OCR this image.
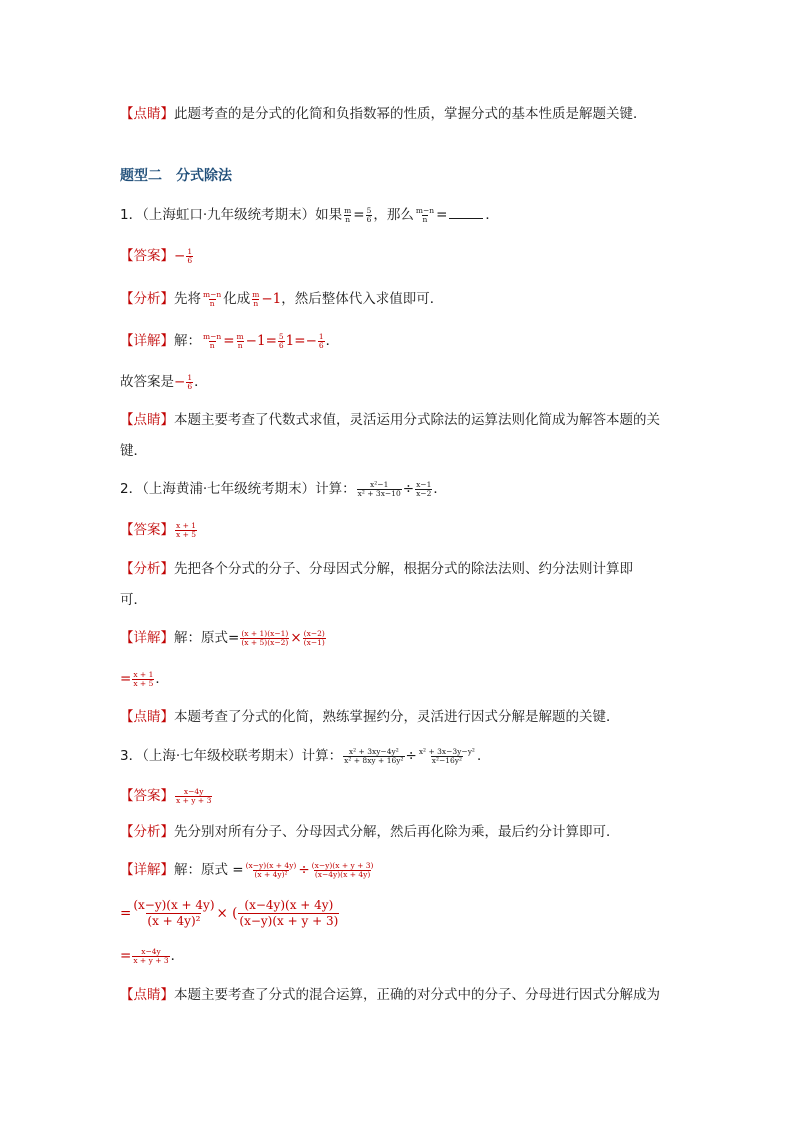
【点睛】此题考查的是分式的化简和负指数幂的性质，掌握分式的基本性质是解题关键．
题型二　分式除法
1．（上海虹口·九年级统考期末）如果 $\frac{m}{n} = \frac{5}{6}$ ，那么 $\frac{m-n}{n}$ =	．
【答案】− $\frac{1}{6}$
【分析】先将 $\frac{m-n}{n}$ 化成 $\frac{m}{n} -1$，然后整体代入求值即可．
【详解】解： $\frac{m-n}{n} = \frac{m}{n} -1= \frac{5}{6} 1=- \frac{1}{6}$ ．
故答案是− $\frac{1}{6}$ ．
【点睛】本题主要考查了代数式求值，灵活运用分式除法的运算法则化简成为解答本题的关
键．
2．（上海黄浦·七年级统考期末）计算： $\frac{\text{x²−1}}{\text{x² + 3x−10}} \div \frac{x-1}{x-2}$ ．
【答案】 $\frac{x + 1}{x + 5}$
【分析】先把各个分式的分子、分母因式分解，根据分式的除法法则、约分法则计算即
可．
【详解】解：原式= $\frac{(x + 1)(x-1)}{(x + 5)(x-2)} \times \frac{(x-2)}{(x-1)}$
= $\frac{x + 1}{x + 5}$ ．
【点睛】本题考查了分式的化简，熟练掌握约分，灵活进行因式分解是解题的关键．
3．（上海·七年级校联考期末）计算： $\frac{\text{x² + 3xy−4y²}}{\text{x² + 8xy + 16y²}} \div \frac{\text{x² + 3x−3y−y²}}{\text{x²−16y²}}$ ．
【答案】 $\frac{x-4y}{x + y + 3}$
【分析】先分别对所有分子、分母因式分解，然后再化除为乘，最后约分计算即可．
【详解】解：原式 = $\frac{(x-y)(x + 4y)}{\text{(x + 4y)²}} \div \frac{(x-y)(x + y + 3)}{(x-4y)(x + 4y)}$
= $\frac{(x-y)(x + 4y)}{\text{(x + 4y)²}}$ × ( $\frac{(x-4y)(x + 4y)}{(x-y)(x + y + 3)}$
= $\frac{x-4y}{x + y + 3}$ ．
【点睛】本题主要考查了分式的混合运算，正确的对分式中的分子、分母进行因式分解成为
